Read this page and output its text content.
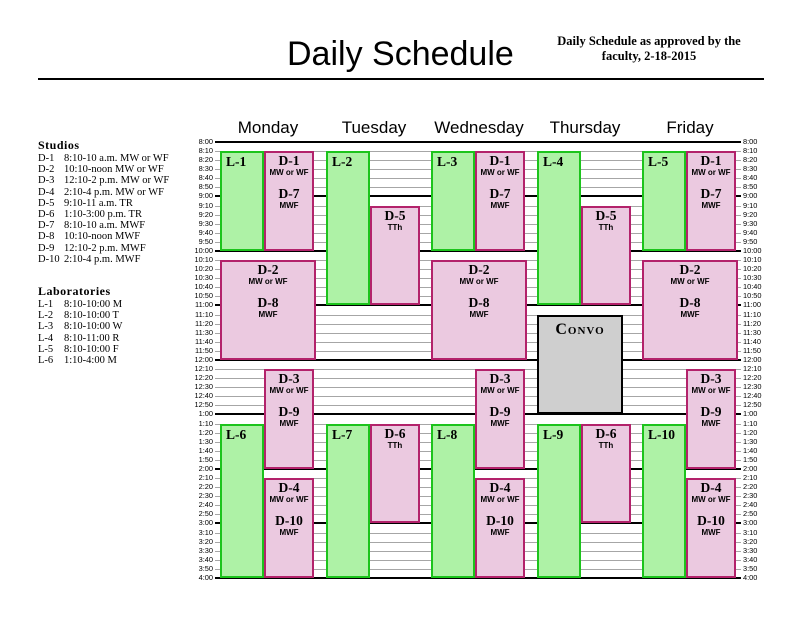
Daily Schedule	Daily Schedule as approved by the faculty, 2-18-2015
Studios
D-1 8:10-10 a.m. MW or WF
D-2 10:10-noon MW or WF
D-3 12:10-2 p.m. MW or WF
D-4 2:10-4 p.m. MW or WF
D-5 9:10-11 a.m. TR
D-6 1:10-3:00 p.m. TR
D-7 8:10-10 a.m. MWF
D-8 10:10-noon MWF
D-9 12:10-2 p.m. MWF
D-10 2:10-4 p.m. MWF
Laboratories
L-1 8:10-10:00 M
L-2 8:10-10:00 T
L-3 8:10-10:00 W
L-4 8:10-11:00 R
L-5 8:10-10:00 F
L-6 1:10-4:00 M
Monday	Tuesday	Wednesday	Thursday	Friday
8:00	8:00
8:10	8:10
8:20	8:20
8:30	8:30
8:40	8:40
8:50	8:50
9:00	9:00
9:10	9:10
9:20	9:20
9:30	9:30
9:40	9:40
9:50	9:50
10:00	10:00
10:10	10:10
10:20	10:20
10:30	10:30
10:40	10:40
10:50	10:50
11:00	11:00
11:10	11:10
11:20	11:20
11:30	11:30
11:40	11:40
11:50	11:50
12:00	12:00
12:10	12:10
12:20	12:20
12:30	12:30
12:40	12:40
12:50	12:50
1:00	1:00
1:10	1:10
1:20	1:20
1:30	1:30
1:40	1:40
1:50	1:50
2:00	2:00
2:10	2:10
2:20	2:20
2:30	2:30
2:40	2:40
2:50	2:50
3:00	3:00
3:10	3:10
3:20	3:20
3:30	3:30
3:40	3:40
3:50	3:50
4:00	4:00
L-1	D-1
MW or WF
D-7
MWF
D-2
MW or WF
D-8
MWF
D-3
MW or WF
D-9
MWF
L-6
D-4
MW or WF
D-10
MWF
L-2
D-5
TTh
L-7	D-6
TTh
L-3	D-1
MW or WF
D-7
MWF
D-2
MW or WF
D-8
MWF
D-3
MW or WF
D-9
MWF
L-8
D-4
MW or WF
D-10
MWF
L-4
D-5
TTh
Convo
L-9	D-6
TTh
L-5	D-1
MW or WF
D-7
MWF
D-2
MW or WF
D-8
MWF
D-3
MW or WF
D-9
MWF
L-10
D-4
MW or WF
D-10
MWF
